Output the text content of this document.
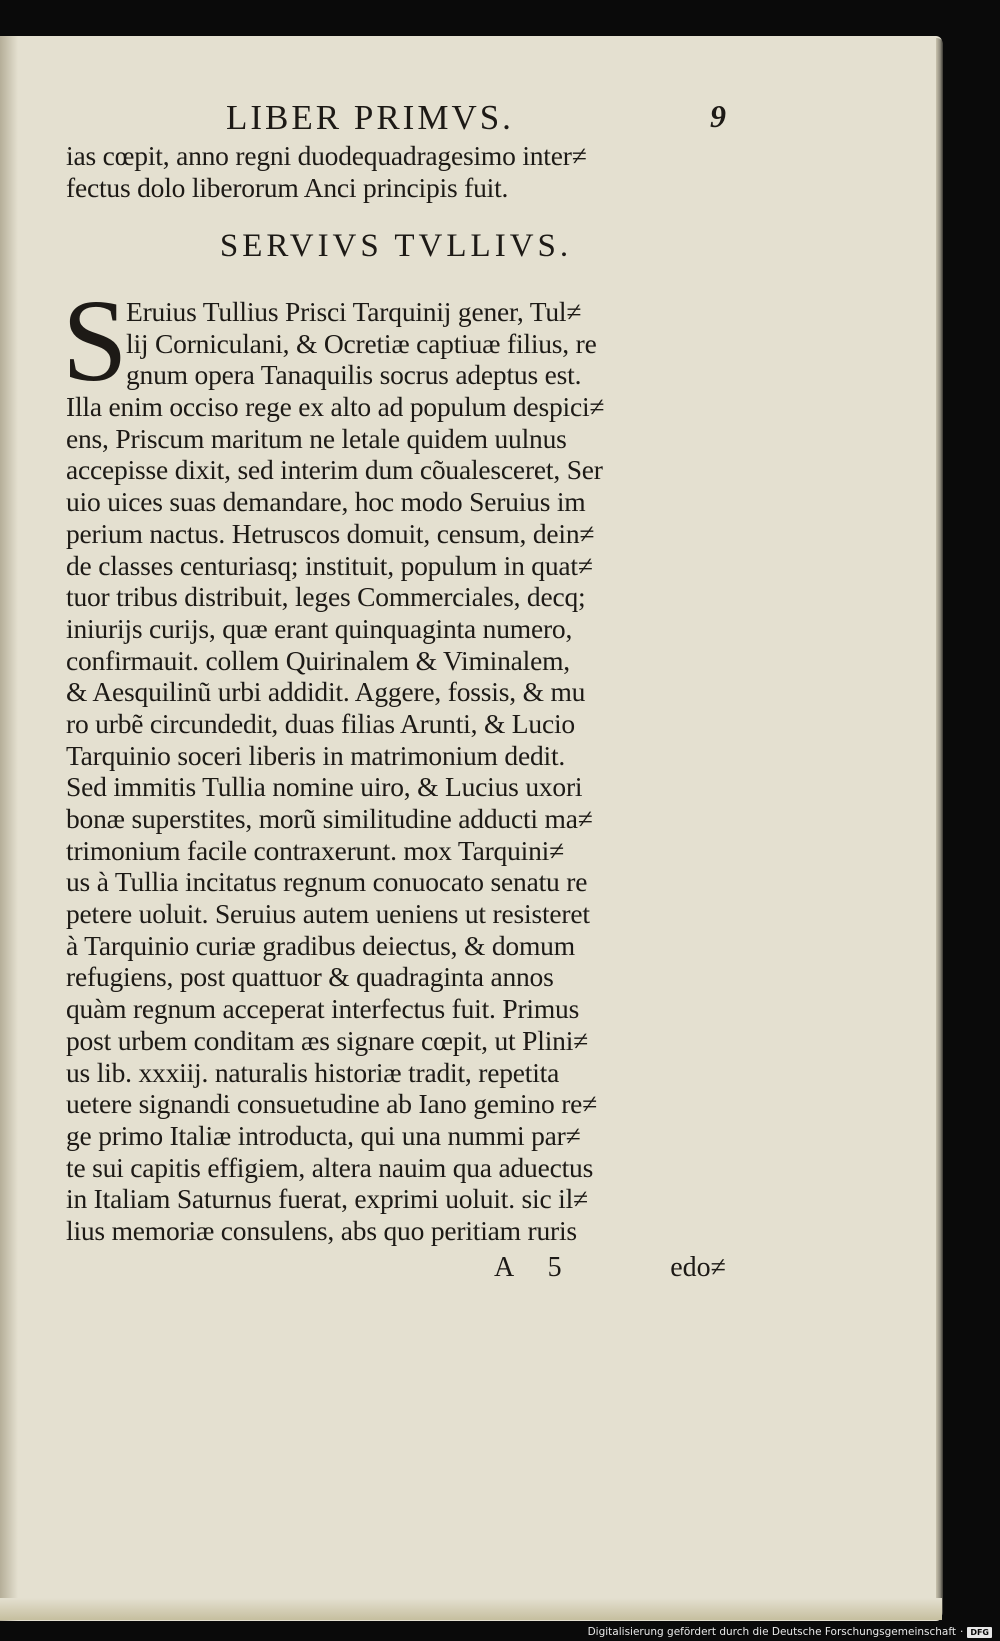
LIBER PRIMVS.	9
ias cœpit, anno regni duodequadragesimo inter≠
fectus dolo liberorum Anci principis fuit.
SERVIVS TVLLIVS.
S
Eruius Tullius Prisci Tarquinij gener, Tul≠
lij Corniculani, & Ocretiæ captiuæ filius, re
gnum opera Tanaquilis socrus adeptus est.
Illa enim occiso rege ex alto ad populum despici≠
ens, Priscum maritum ne letale quidem uulnus
accepisse dixit, sed interim dum cõualesceret, Ser
uio uices suas demandare, hoc modo Seruius im
perium nactus. Hetruscos domuit, censum, dein≠
de classes centuriasq; instituit, populum in quat≠
tuor tribus distribuit, leges Commerciales, decq;
iniurijs curijs, quæ erant quinquaginta numero,
confirmauit. collem Quirinalem & Viminalem,
& Aesquilinũ urbi addidit. Aggere, fossis, & mu
ro urbẽ circundedit, duas filias Arunti, & Lucio
Tarquinio soceri liberis in matrimonium dedit.
Sed immitis Tullia nomine uiro, & Lucius uxori
bonæ superstites, morũ similitudine adducti ma≠
trimonium facile contraxerunt. mox Tarquini≠
us à Tullia incitatus regnum conuocato senatu re
petere uoluit. Seruius autem ueniens ut resisteret
à Tarquinio curiæ gradibus deiectus, & domum
refugiens, post quattuor & quadraginta annos
quàm regnum acceperat interfectus fuit. Primus
post urbem conditam æs signare cœpit, ut Plini≠
us lib. xxxiij. naturalis historiæ tradit, repetita
uetere signandi consuetudine ab Iano gemino re≠
ge primo Italiæ introducta, qui una nummi par≠
te sui capitis effigiem, altera nauim qua aduectus
in Italiam Saturnus fuerat, exprimi uoluit. sic il≠
lius memoriæ consulens, abs quo peritiam ruris
A 5	edo≠
Digitalisierung gefördert durch die Deutsche Forschungsgemeinschaft · DFG
